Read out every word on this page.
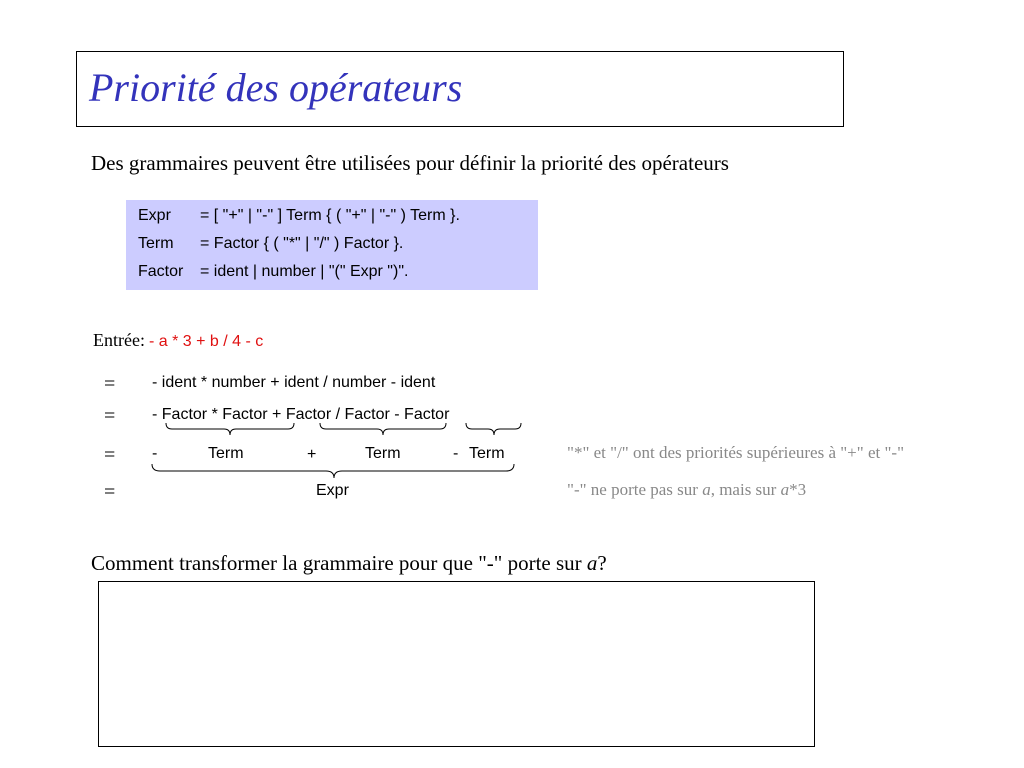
Priorité des opérateurs
Des grammaires peuvent être utilisées pour définir la priorité des opérateurs
Expr = [ "+" | "-" ] Term { ( "+" | "-" ) Term }.
Term = Factor { ( "*" | "/" ) Factor }.
Factor = ident | number | "(" Expr ")".
Entrée: - a * 3 + b / 4 - c
= - ident * number + ident / number - ident
= - Factor * Factor + Factor / Factor - Factor
= -	Term	+	Term	- Term
=	Expr
"*" et "/" ont des priorités supérieures à "+" et "-"
"-" ne porte pas sur a, mais sur a*3
Comment transformer la grammaire pour que "-" porte sur a?
